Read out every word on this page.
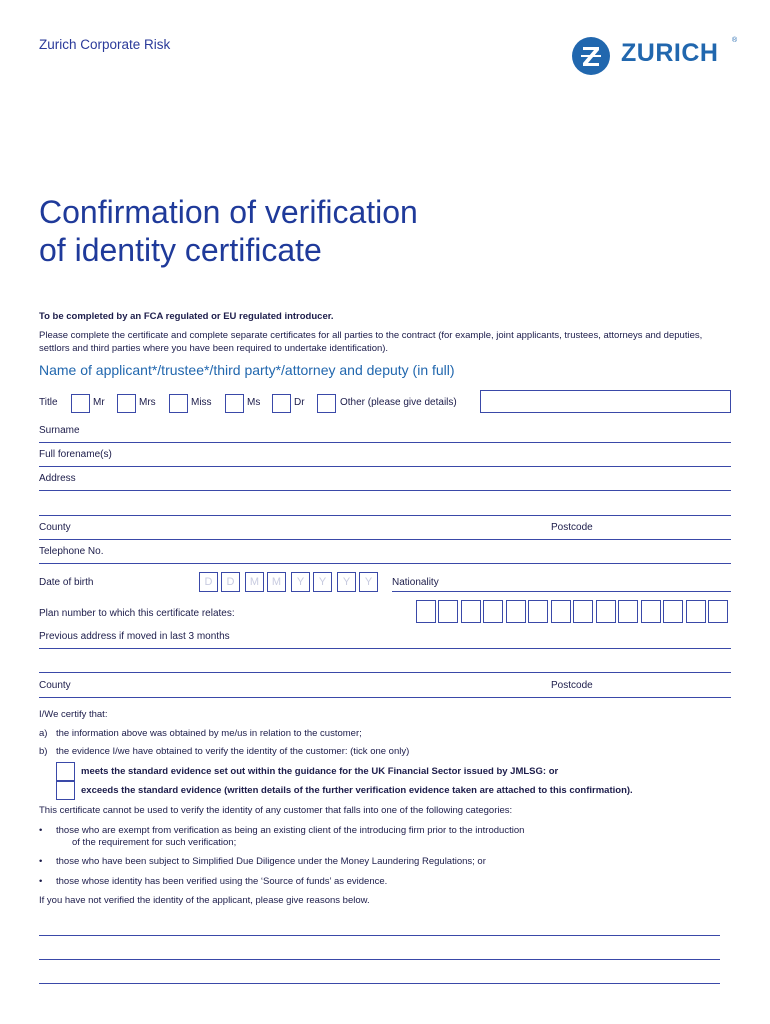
Zurich Corporate Risk	ZURICH ®
Confirmation of verification
of identity certificate
To be completed by an FCA regulated or EU regulated introducer.
Please complete the certificate and complete separate certificates for all parties to the contract (for example, joint applicants, trustees, attorneys and deputies, settlors and third parties where you have been required to undertake identification).
Name of applicant*/trustee*/third party*/attorney and deputy (in full)
Title	Mr	Mrs	Miss	Ms	Dr	Other (please give details)
Surname
Full forename(s)
Address
County	Postcode
Telephone No.
Date of birth	D	D	M	M	Y	Y	Y	Y	Nationality
Plan number to which this certificate relates:
Previous address if moved in last 3 months
County	Postcode
I/We certify that:
a) the information above was obtained by me/us in relation to the customer;
b) the evidence I/we have obtained to verify the identity of the customer: (tick one only)
meets the standard evidence set out within the guidance for the UK Financial Sector issued by JMLSG: or
exceeds the standard evidence (written details of the further verification evidence taken are attached to this confirmation).
This certificate cannot be used to verify the identity of any customer that falls into one of the following categories:
• those who are exempt from verification as being an existing client of the introducing firm prior to the introduction
of the requirement for such verification;
• those who have been subject to Simplified Due Diligence under the Money Laundering Regulations; or
• those whose identity has been verified using the ‘Source of funds’ as evidence.
If you have not verified the identity of the applicant, please give reasons below.
